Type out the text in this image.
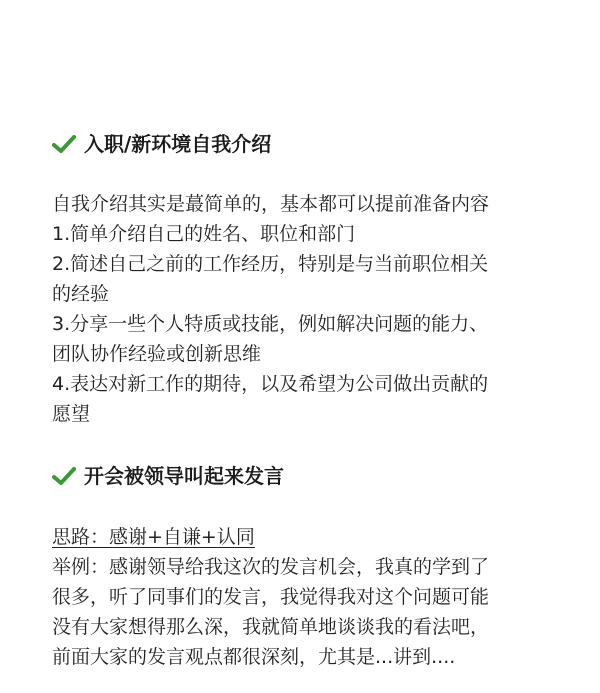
入职/新环境自我介绍
自我介绍其实是蕞简单的，基本都可以提前准备内容
1.简单介绍自己的姓名、职位和部门
2.简述自己之前的工作经历，特别是与当前职位相关
的经验
3.分享一些个人特质或技能，例如解决问题的能力、
团队协作经验或创新思维
4.表达对新工作的期待，以及希望为公司做出贡献的
愿望
开会被领导叫起来发言
思路：感谢+自谦+认同
举例：感谢领导给我这次的发言机会，我真的学到了
很多，听了同事们的发言，我觉得我对这个问题可能
没有大家想得那么深，我就简单地谈谈我的看法吧，
前面大家的发言观点都很深刻，尤其是...讲到....
